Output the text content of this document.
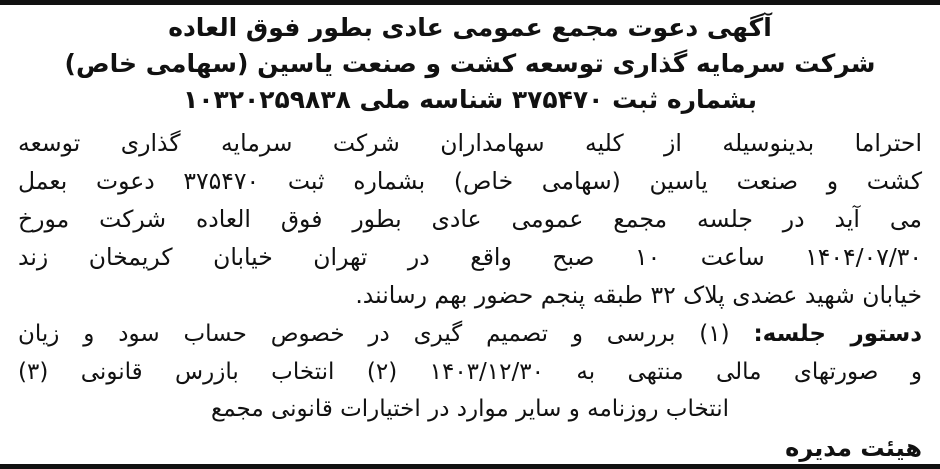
آگهی دعوت مجمع عمومی عادی بطور فوق العاده
شرکت سرمایه گذاری توسعه کشت و صنعت یاسین (سهامی خاص)
بشماره ثبت ۳۷۵۴۷۰ شناسه ملی ۱۰۳۲۰۲۵۹۸۳۸

احتراما بدینوسیله از کلیه سهامداران شرکت سرمایه گذاری توسعه

کشت و صنعت یاسین (سهامی خاص) بشماره ثبت ۳۷۵۴۷۰ دعوت بعمل

می آید در جلسه مجمع عمومی عادی بطور فوق العاده شرکت مورخ

۱۴۰۴/۰۷/۳۰ ساعت ۱۰ صبح واقع در تهران خیابان کریمخان زند

خیابان شهید عضدی پلاک ۳۲ طبقه پنجم حضور بهم رسانند.

دستور جلسه: (۱) بررسی و تصمیم گیری در خصوص حساب سود و زیان

و صورتهای مالی منتهی به ۱۴۰۳/۱۲/۳۰ (۲) انتخاب بازرس قانونی (۳)

انتخاب روزنامه و سایر موارد در اختیارات قانونی مجمع

هیئت مدیره
